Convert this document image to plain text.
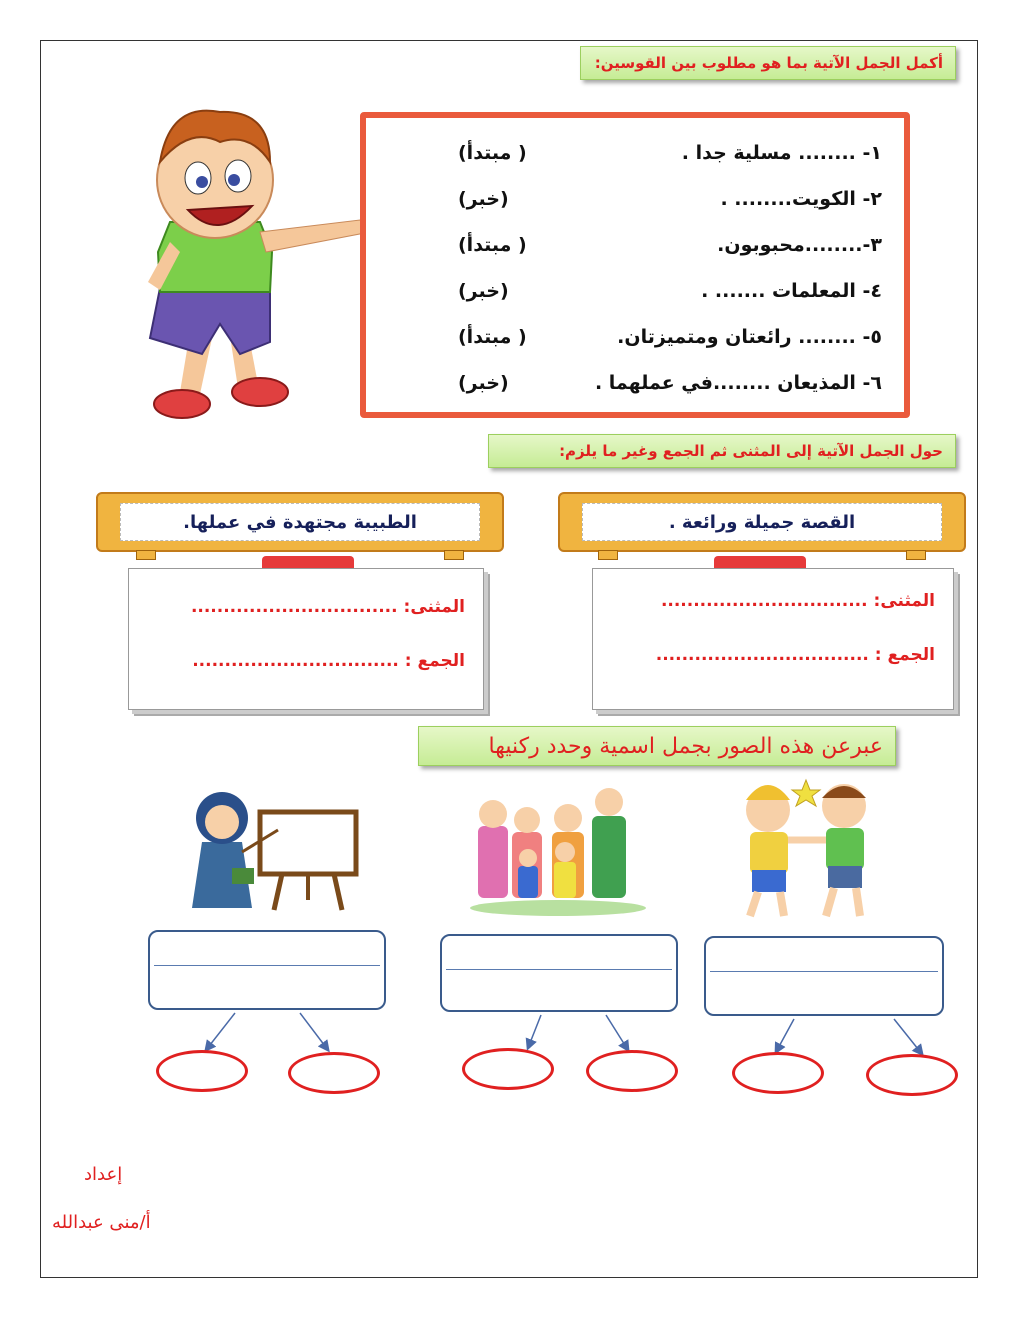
أكمل الجمل الآتية بما هو مطلوب بين القوسين:
١- ........ مسلية جدا .
( مبتدأ)
٢- الكويت........ .
(خبر)
٣-........محبوبون.
( مبتدأ)
٤- المعلمات ....... .
(خبر)
٥- ........ رائعتان ومتميزتان.
( مبتدأ)
٦- المذيعان ........في عملهما .
(خبر)
حول الجمل الآتية إلى المثنى ثم الجمع وغير ما يلزم:
القصة جميلة ورائعة .
المثنى: ................................
الجمع : .................................
الطبيبة مجتهدة في عملها.
المثنى: ................................
الجمع : ................................
عبرعن هذه الصور بجمل اسمية وحدد ركنيها
إعداد
أ/منى عبدالله
